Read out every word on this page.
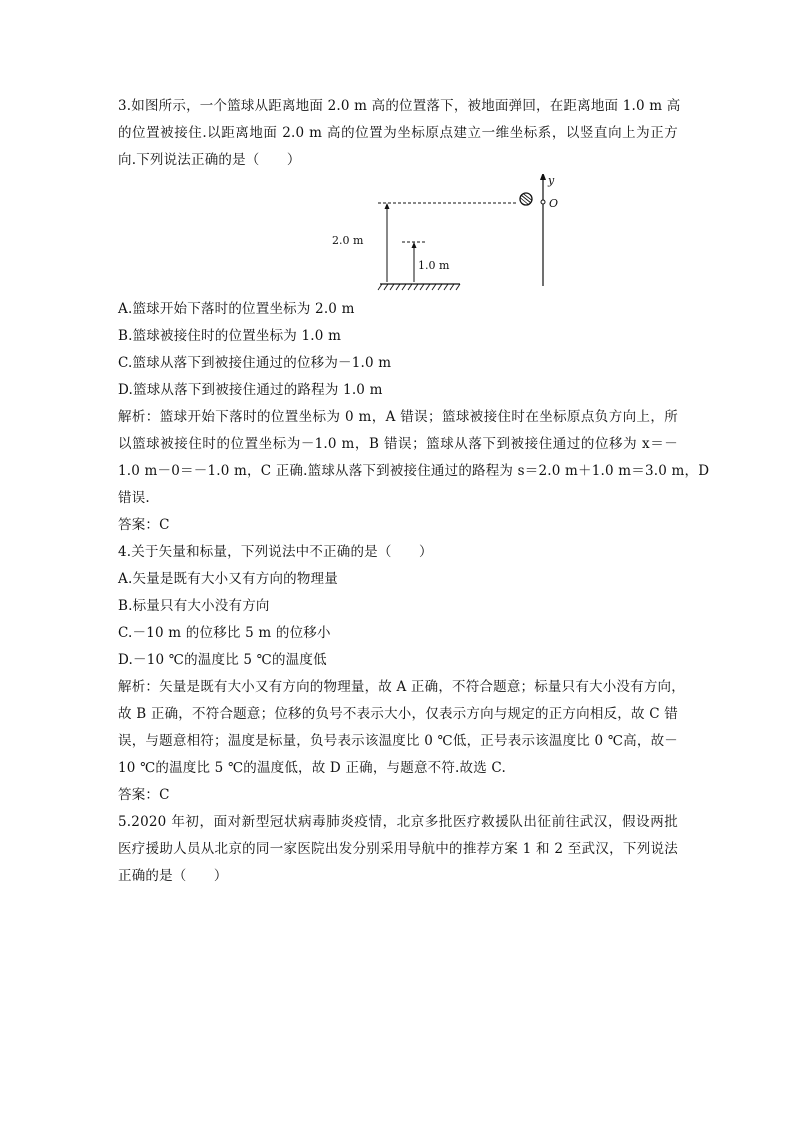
3.如图所示，一个篮球从距离地面 2.0 m 高的位置落下，被地面弹回，在距离地面 1.0 m 高
的位置被接住.以距离地面 2.0 m 高的位置为坐标原点建立一维坐标系，以竖直向上为正方
向.下列说法正确的是（　　）
y
O
2.0 m
1.0 m
A.篮球开始下落时的位置坐标为 2.0 m
B.篮球被接住时的位置坐标为 1.0 m
C.篮球从落下到被接住通过的位移为－1.0 m
D.篮球从落下到被接住通过的路程为 1.0 m
解析：篮球开始下落时的位置坐标为 0 m，A 错误；篮球被接住时在坐标原点负方向上，所
以篮球被接住时的位置坐标为－1.0 m，B 错误；篮球从落下到被接住通过的位移为 x＝－
1.0 m－0＝－1.0 m，C 正确.篮球从落下到被接住通过的路程为 s＝2.0 m＋1.0 m＝3.0 m，D
错误.
答案：C
4.关于矢量和标量，下列说法中不正确的是（　　）
A.矢量是既有大小又有方向的物理量
B.标量只有大小没有方向
C.－10 m 的位移比 5 m 的位移小
D.－10 ℃的温度比 5 ℃的温度低
解析：矢量是既有大小又有方向的物理量，故 A 正确，不符合题意；标量只有大小没有方向，
故 B 正确，不符合题意；位移的负号不表示大小，仅表示方向与规定的正方向相反，故 C 错
误，与题意相符；温度是标量，负号表示该温度比 0 ℃低，正号表示该温度比 0 ℃高，故－
10 ℃的温度比 5 ℃的温度低，故 D 正确，与题意不符.故选 C.
答案：C
5.2020 年初，面对新型冠状病毒肺炎疫情，北京多批医疗救援队出征前往武汉，假设两批
医疗援助人员从北京的同一家医院出发分别采用导航中的推荐方案 1 和 2 至武汉，下列说法
正确的是（　　）
